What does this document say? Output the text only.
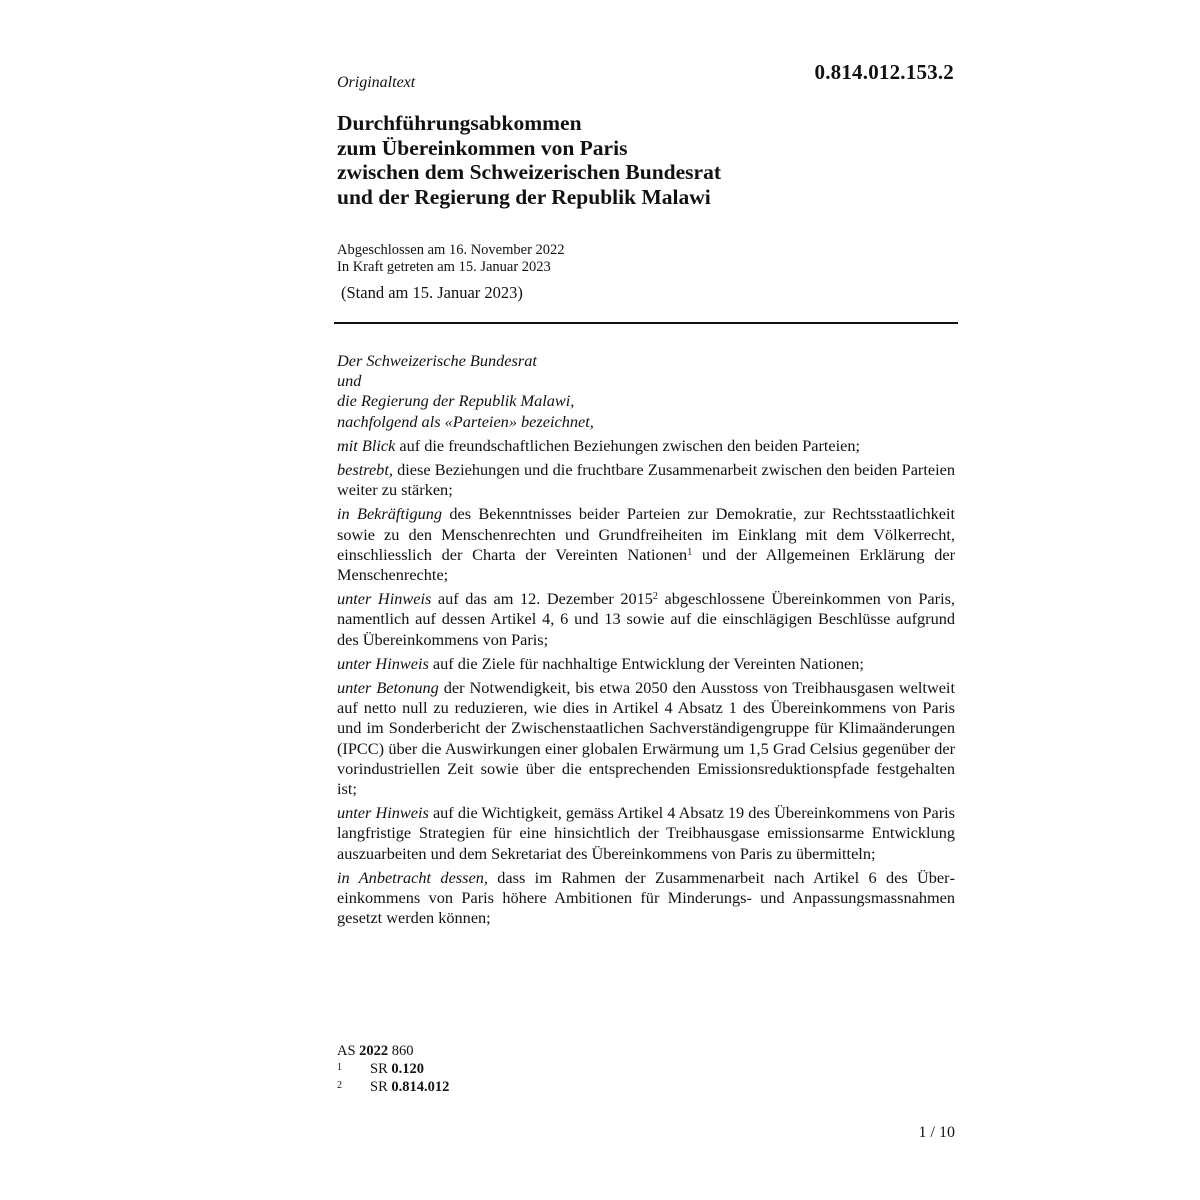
0.814.012.153.2
Originaltext
Durchführungsabkommen
zum Übereinkommen von Paris
zwischen dem Schweizerischen Bundesrat
und der Regierung der Republik Malawi
Abgeschlossen am 16. November 2022
In Kraft getreten am 15. Januar 2023
(Stand am 15. Januar 2023)
Der Schweizerische Bundesrat
und
die Regierung der Republik Malawi,
nachfolgend als «Parteien» bezeichnet,

mit Blick auf die freundschaftlichen Beziehungen zwischen den beiden Parteien;

bestrebt, diese Beziehungen und die fruchtbare Zusammenarbeit zwischen den beiden Parteien weiter zu stärken;

in Bekräftigung des Bekenntnisses beider Parteien zur Demokratie, zur Rechtsstaatlichkeit sowie zu den Menschenrechten und Grundfreiheiten im Einklang mit dem Völkerrecht, einschliesslich der Charta der Vereinten Nationen$^1$ und der Allgemeinen Erklärung der Menschenrechte;

unter Hinweis auf das am 12. Dezember 2015$^2$ abgeschlossene Übereinkommen von Paris, namentlich auf dessen Artikel 4, 6 und 13 sowie auf die einschlägigen Beschlüsse aufgrund des Übereinkommens von Paris;

unter Hinweis auf die Ziele für nachhaltige Entwicklung der Vereinten Nationen;

unter Betonung der Notwendigkeit, bis etwa 2050 den Ausstoss von Treibhausgasen weltweit auf netto null zu reduzieren, wie dies in Artikel 4 Absatz 1 des Übereinkommens von Paris und im Sonderbericht der Zwischenstaatlichen Sachverständigengruppe für Klimaänderungen (IPCC) über die Auswirkungen einer globalen Erwärmung um 1,5 Grad Celsius gegenüber der vorindustriellen Zeit sowie über die entsprechenden Emissionsreduktionspfade festgehalten ist;

unter Hinweis auf die Wichtigkeit, gemäss Artikel 4 Absatz 19 des Übereinkommens von Paris langfristige Strategien für eine hinsichtlich der Treibhausgase emissionsarme Entwicklung auszuarbeiten und dem Sekretariat des Übereinkommens von Paris zu übermitteln;

in Anbetracht dessen, dass im Rahmen der Zusammenarbeit nach Artikel 6 des Übereinkommens von Paris höhere Ambitionen für Minderungs- und Anpassungsmassnahmen gesetzt werden können;

AS 2022 860
1	SR 0.120
2	SR 0.814.012
1 / 10
